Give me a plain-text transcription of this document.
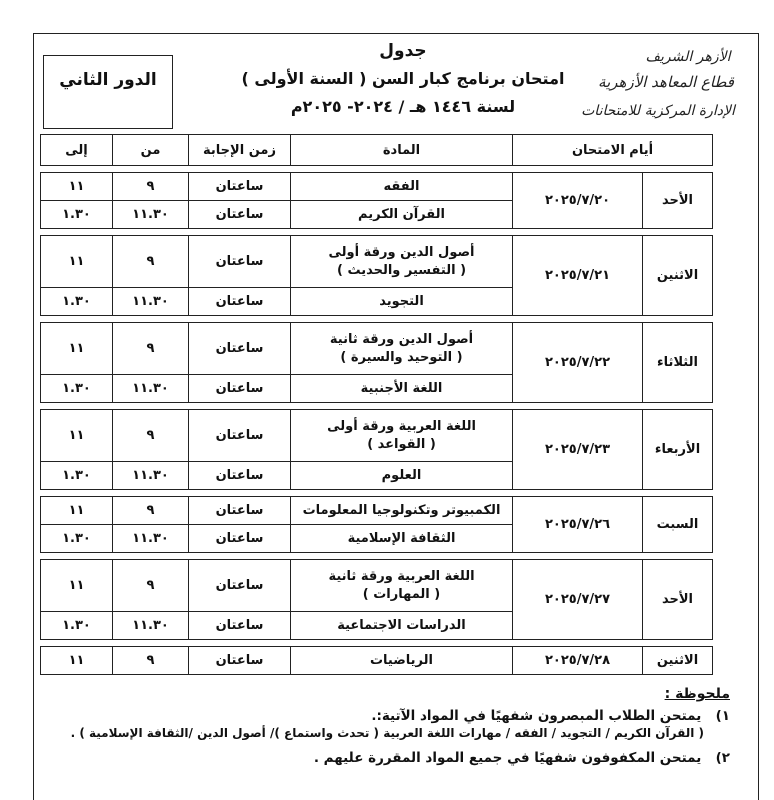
الأزهر الشريف
قطاع المعاهد الأزهرية
الإدارة المركزية للامتحانات
جدول
امتحان برنامج كبار السن ( السنة الأولى )
لسنة ١٤٤٦ هـ / ٢٠٢٤- ٢٠٢٥م
الدور الثاني
أيام الامتحان		المادة	زمن الإجابة	من	إلى

الأحد	٢٠٢٥/٧/٢٠	الفقه	ساعتان	٩	١١

		القرآن الكريم	ساعتان	١١.٣٠	١.٣٠

الاثنين	٢٠٢٥/٧/٢١	أصول الدين ورقة أولى
( التفسير والحديث )	ساعتان	٩	١١

		التجويد	ساعتان	١١.٣٠	١.٣٠

الثلاثاء	٢٠٢٥/٧/٢٢	أصول الدين ورقة ثانية
( التوحيد والسيرة )	ساعتان	٩	١١

		اللغة الأجنبية	ساعتان	١١.٣٠	١.٣٠

الأربعاء	٢٠٢٥/٧/٢٣	اللغة العربية ورقة أولى
( القواعد )	ساعتان	٩	١١

		العلوم	ساعتان	١١.٣٠	١.٣٠

السبت	٢٠٢٥/٧/٢٦	الكمبيوتر وتكنولوجيا المعلومات	ساعتان	٩	١١

		الثقافة الإسلامية	ساعتان	١١.٣٠	١.٣٠

الأحد	٢٠٢٥/٧/٢٧	اللغة العربية ورقة ثانية
( المهارات )	ساعتان	٩	١١

		الدراسات الاجتماعية	ساعتان	١١.٣٠	١.٣٠

الاثنين	٢٠٢٥/٧/٢٨	الرياضيات	ساعتان	٩	١١
ملحوظة :
١) يمتحن الطلاب المبصرون شفهيًا في المواد الآتية:.
( القرآن الكريم / التجويد / الفقه / مهارات اللغة العربية ( تحدث واستماع )/ أصول الدين /الثقافة الإسلامية ) .
٢) يمتحن المكفوفون شفهيًا في جميع المواد المقررة عليهم .
